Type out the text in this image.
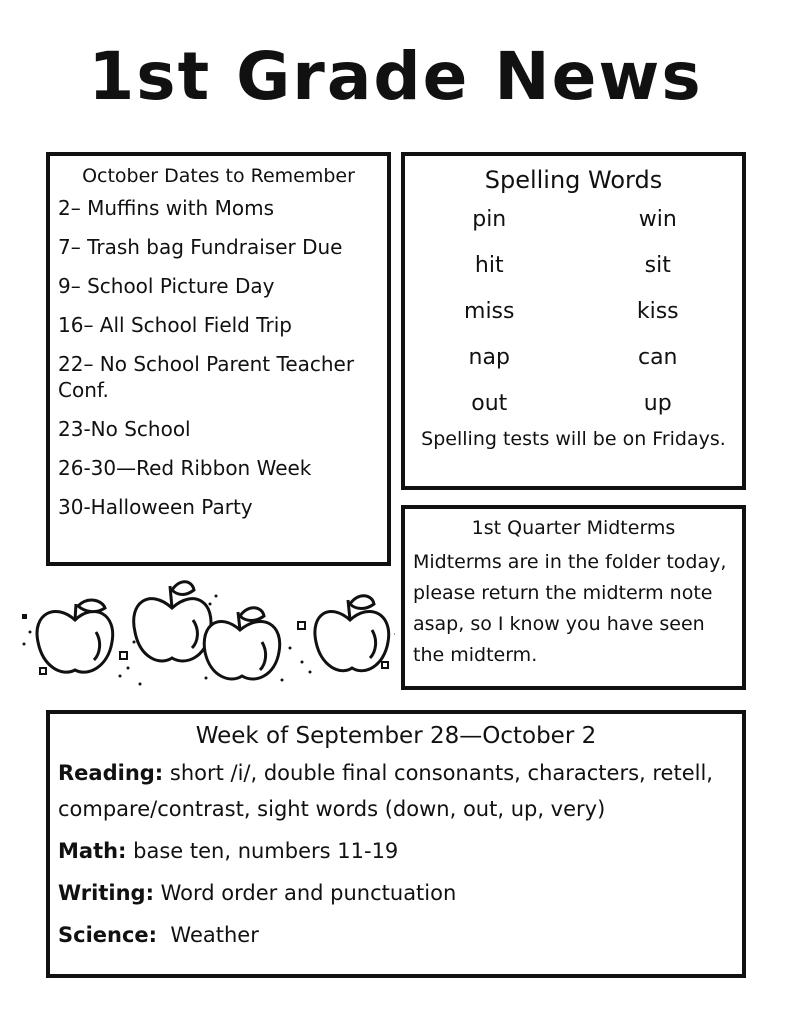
1st Grade News

October Dates to Remember

2– Muffins with Moms
7– Trash bag Fundraiser Due
9– School Picture Day
16– All School Field Trip
22– No School Parent Teacher Conf.
23-No School
26-30—Red Ribbon Week
30-Halloween Party

Spelling Words

pin	win
hit	sit
miss	kiss
nap	can
out	up
Spelling tests will be on Fridays.

1st Quarter Midterms

Midterms are in the folder today, please return the midterm note asap, so I know you have seen the midterm.

Week of September 28—October 2

Reading: short /i/, double final consonants, characters, retell, compare/contrast, sight words (down, out, up, very)

Math: base ten, numbers 11-19

Writing: Word order and punctuation

Science:  Weather
